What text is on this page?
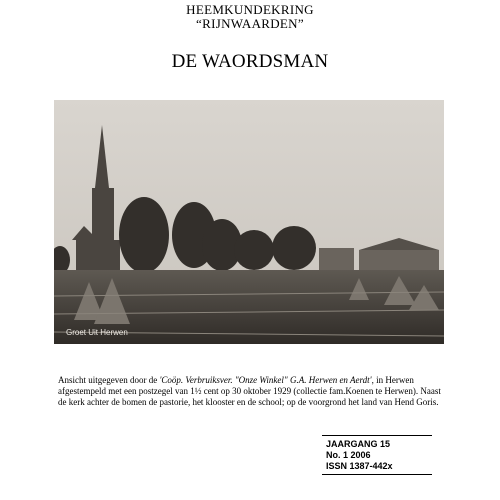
HEEMKUNDEKRING
“RIJNWAARDEN”
DE WAORDSMAN
Groet Uit Herwen
Ansicht uitgegeven door de 'Coöp. Verbruiksver. "Onze Winkel" G.A. Herwen en Aerdt', in Herwen afgestempeld met een postzegel van 1½ cent op 30 oktober 1929 (collectie fam.Koenen te Herwen). Naast de kerk achter de bomen de pastorie, het klooster en de school; op de voorgrond het land van Hend Goris.
JAARGANG 15
No. 1 2006
ISSN 1387-442x
